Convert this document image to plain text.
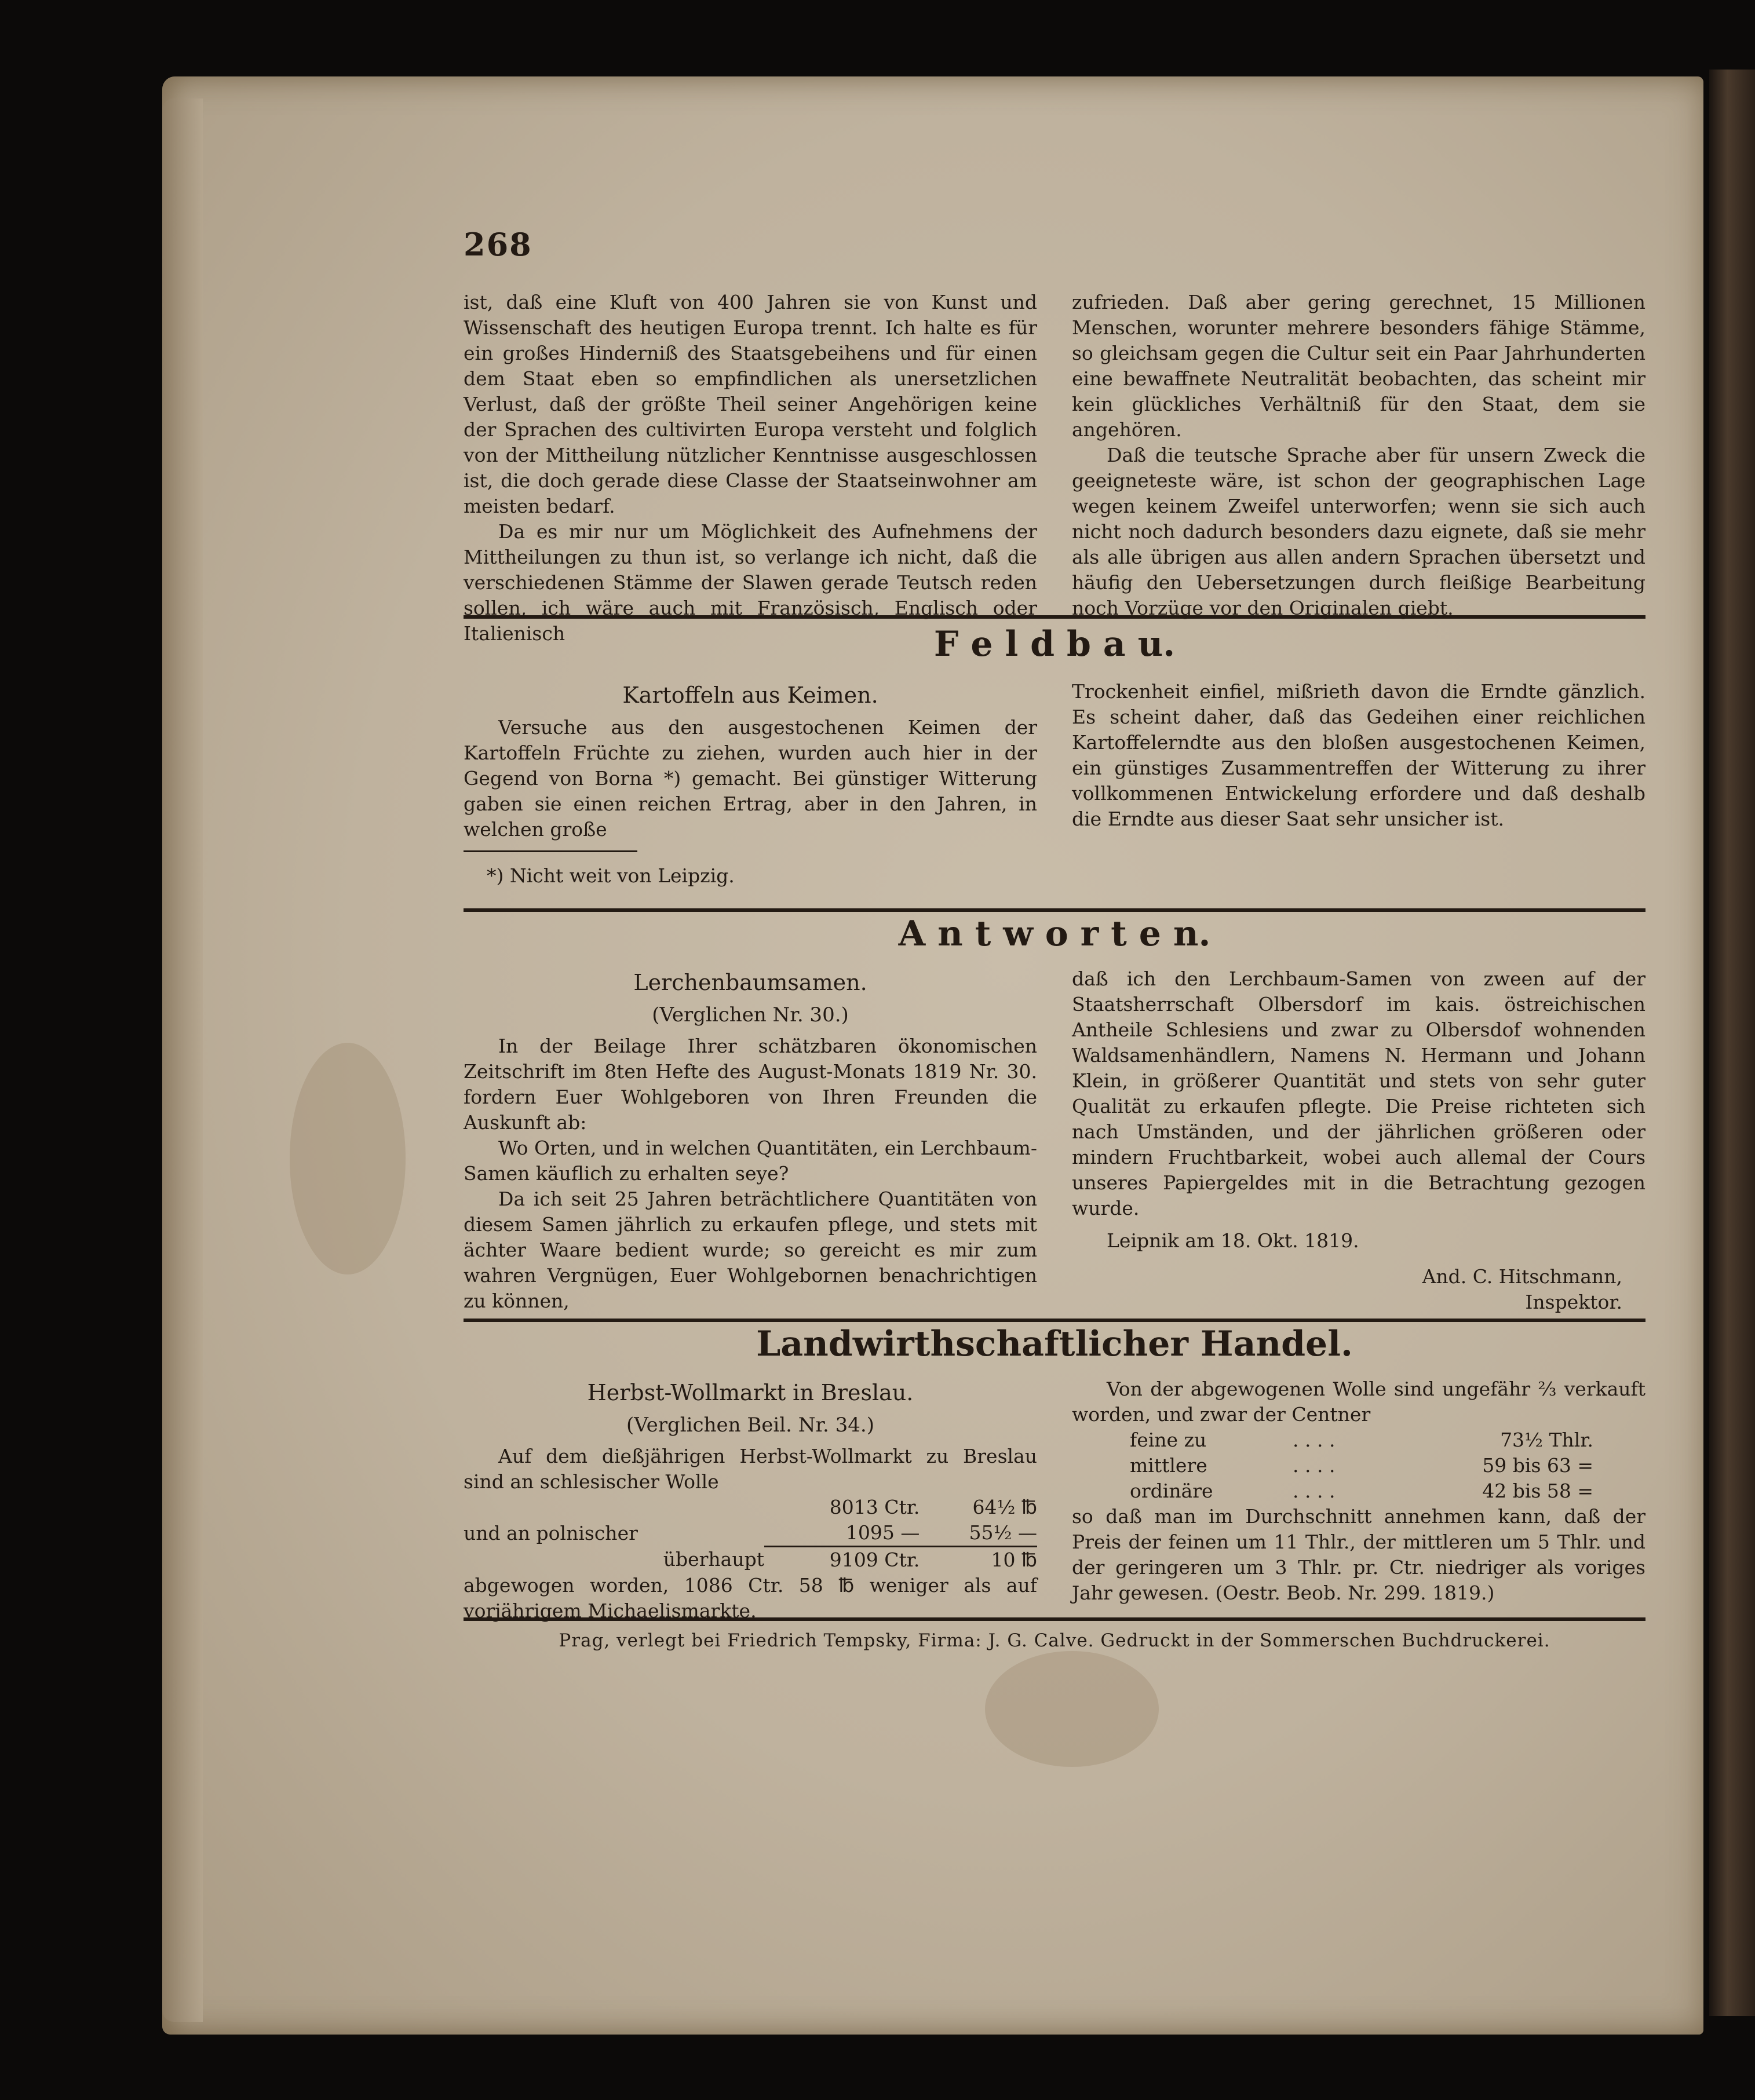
268

ist, daß eine Kluft von 400 Jahren sie von Kunst und Wissenschaft des heutigen Europa trennt. Ich halte es für ein großes Hinderniß des Staatsgebeihens und für einen dem Staat eben so empfindlichen als unersetzlichen Verlust, daß der größte Theil seiner Angehörigen keine der Sprachen des cultivirten Europa versteht und folglich von der Mittheilung nützlicher Kenntnisse ausgeschlossen ist, die doch gerade diese Classe der Staatseinwohner am meisten bedarf.

Da es mir nur um Möglichkeit des Aufnehmens der Mittheilungen zu thun ist, so verlange ich nicht, daß die verschiedenen Stämme der Slawen gerade Teutsch reden sollen, ich wäre auch mit Französisch, Englisch oder Italienisch

zufrieden. Daß aber gering gerechnet, 15 Millionen Menschen, worunter mehrere besonders fähige Stämme, so gleichsam gegen die Cultur seit ein Paar Jahrhunderten eine bewaffnete Neutralität beobachten, das scheint mir kein glückliches Verhältniß für den Staat, dem sie angehören.

Daß die teutsche Sprache aber für unsern Zweck die geeigneteste wäre, ist schon der geographischen Lage wegen keinem Zweifel unterworfen; wenn sie sich auch nicht noch dadurch besonders dazu eignete, daß sie mehr als alle übrigen aus allen andern Sprachen übersetzt und häufig den Uebersetzungen durch fleißige Bearbeitung noch Vorzüge vor den Originalen giebt.

F e l d b a u.
Kartoffeln aus Keimen.

Versuche aus den ausgestochenen Keimen der Kartoffeln Früchte zu ziehen, wurden auch hier in der Gegend von Borna *) gemacht. Bei günstiger Witterung gaben sie einen reichen Ertrag, aber in den Jahren, in welchen große

Trockenheit einfiel, mißrieth davon die Erndte gänzlich. Es scheint daher, daß das Gedeihen einer reichlichen Kartoffelerndte aus den bloßen ausgestochenen Keimen, ein günstiges Zusammentreffen der Witterung zu ihrer vollkommenen Entwickelung erfordere und daß deshalb die Erndte aus dieser Saat sehr unsicher ist.

*) Nicht weit von Leipzig.
A n t w o r t e n.
Lerchenbaumsamen.
(Verglichen Nr. 30.)

In der Beilage Ihrer schätzbaren ökonomischen Zeitschrift im 8ten Hefte des August-Monats 1819 Nr. 30. fordern Euer Wohlgeboren von Ihren Freunden die Auskunft ab:

Wo Orten, und in welchen Quantitäten, ein Lerchbaum-Samen käuflich zu erhalten seye?

Da ich seit 25 Jahren beträchtlichere Quantitäten von diesem Samen jährlich zu erkaufen pflege, und stets mit ächter Waare bedient wurde; so gereicht es mir zum wahren Vergnügen, Euer Wohlgebornen benachrichtigen zu können,

daß ich den Lerchbaum-Samen von zween auf der Staatsherrschaft Olbersdorf im kais. östreichischen Antheile Schlesiens und zwar zu Olbersdof wohnenden Waldsamenhändlern, Namens N. Hermann und Johann Klein, in größerer Quantität und stets von sehr guter Qualität zu erkaufen pflegte. Die Preise richteten sich nach Umständen, und der jährlichen größeren oder mindern Fruchtbarkeit, wobei auch allemal der Cours unseres Papiergeldes mit in die Betrachtung gezogen wurde.

Leipnik am 18. Okt. 1819.

And. C. Hitschmann,

Inspektor.

Landwirthschaftlicher Handel.
Herbst-Wollmarkt in Breslau.
(Verglichen Beil. Nr. 34.)

Auf dem dießjährigen Herbst-Wollmarkt zu Breslau sind an schlesischer Wolle

	8013 Ctr.	64½ ℔
und an polnischer	1095 —	55½ —
überhaupt	9109 Ctr.	10 ℔

abgewogen worden, 1086 Ctr. 58 ℔ weniger als auf vorjährigem Michaelismarkte.

Von der abgewogenen Wolle sind ungefähr ⅔ verkauft worden, und zwar der Centner

feine zu	. . . .	73½ Thlr.
mittlere	. . . .	59 bis 63 =
ordinäre	. . . .	42 bis 58 =

so daß man im Durchschnitt annehmen kann, daß der Preis der feinen um 11 Thlr., der mittleren um 5 Thlr. und der geringeren um 3 Thlr. pr. Ctr. niedriger als voriges Jahr gewesen. (Oestr. Beob. Nr. 299. 1819.)

Prag, verlegt bei Friedrich Tempsky, Firma: J. G. Calve. Gedruckt in der Sommerschen Buchdruckerei.
